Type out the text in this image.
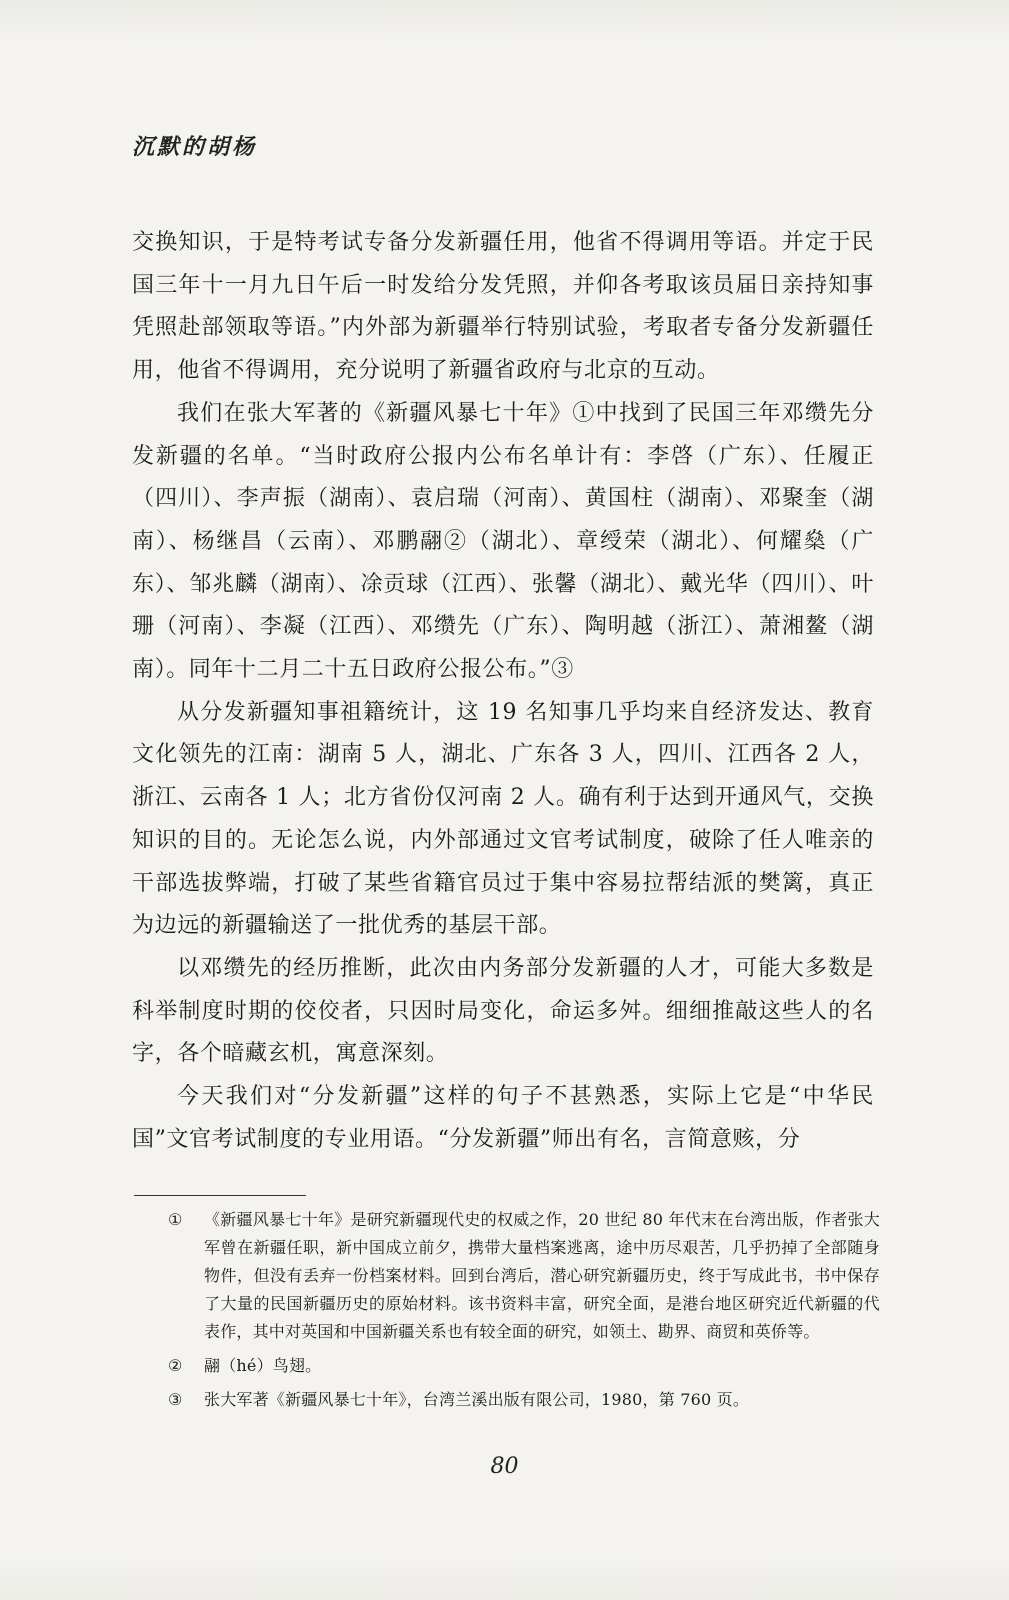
沉默的胡杨

交换知识，于是特考试专备分发新疆任用，他省不得调用等语。并定于民国三年十一月九日午后一时发给分发凭照，并仰各考取该员届日亲持知事凭照赴部领取等语。”内外部为新疆举行特别试验，考取者专备分发新疆任用，他省不得调用，充分说明了新疆省政府与北京的互动。

我们在张大军著的《新疆风暴七十年》①中找到了民国三年邓缵先分发新疆的名单。“当时政府公报内公布名单计有：李啓（广东）、任履正（四川）、李声振（湖南）、袁启瑞（河南）、黄国柱（湖南）、邓聚奎（湖南）、杨继昌（云南）、邓鹏翮②（湖北）、章绶荣（湖北）、何耀燊（广东）、邹兆麟（湖南）、凃贡球（江西）、张馨（湖北）、戴光华（四川）、叶珊（河南）、李凝（江西）、邓缵先（广东）、陶明越（浙江）、萧湘鳌（湖南）。同年十二月二十五日政府公报公布。”③

从分发新疆知事祖籍统计，这 19 名知事几乎均来自经济发达、教育文化领先的江南：湖南 5 人，湖北、广东各 3 人，四川、江西各 2 人，浙江、云南各 1 人；北方省份仅河南 2 人。确有利于达到开通风气，交换知识的目的。无论怎么说，内外部通过文官考试制度，破除了任人唯亲的干部选拔弊端，打破了某些省籍官员过于集中容易拉帮结派的樊篱，真正为边远的新疆输送了一批优秀的基层干部。

以邓缵先的经历推断，此次由内务部分发新疆的人才，可能大多数是科举制度时期的佼佼者，只因时局变化，命运多舛。细细推敲这些人的名字，各个暗藏玄机，寓意深刻。

今天我们对“分发新疆”这样的句子不甚熟悉，实际上它是“中华民国”文官考试制度的专业用语。“分发新疆”师出有名，言简意赅，分

①	《新疆风暴七十年》是研究新疆现代史的权威之作，20 世纪 80 年代末在台湾出版，作者张大军曾在新疆任职，新中国成立前夕，携带大量档案逃离，途中历尽艰苦，几乎扔掉了全部随身物件，但没有丢弃一份档案材料。回到台湾后，潜心研究新疆历史，终于写成此书，书中保存了大量的民国新疆历史的原始材料。该书资料丰富，研究全面，是港台地区研究近代新疆的代表作，其中对英国和中国新疆关系也有较全面的研究，如领土、勘界、商贸和英侨等。
②	翮（hé）鸟翅。
③	张大军著《新疆风暴七十年》，台湾兰溪出版有限公司，1980，第 760 页。
80
